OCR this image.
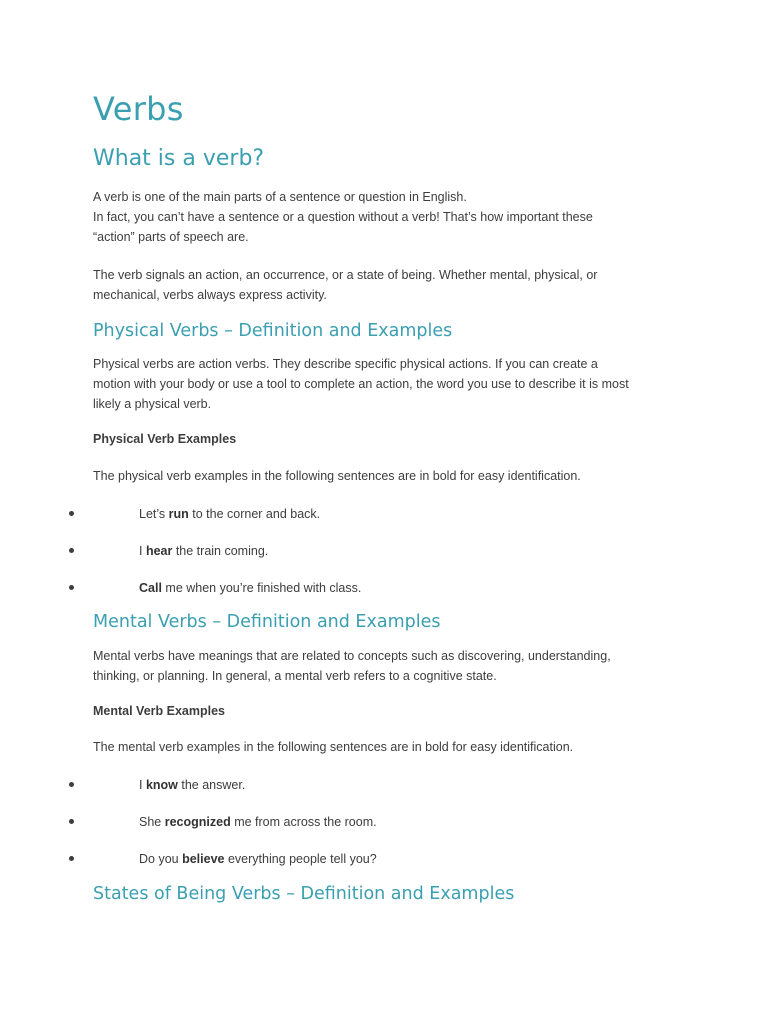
Verbs
What is a verb?

A verb is one of the main parts of a sentence or question in English.
In fact, you can’t have a sentence or a question without a verb! That’s how important these
“action” parts of speech are.

The verb signals an action, an occurrence, or a state of being. Whether mental, physical, or
mechanical, verbs always express activity.

Physical Verbs – Definition and Examples

Physical verbs are action verbs. They describe specific physical actions. If you can create a
motion with your body or use a tool to complete an action, the word you use to describe it is most
likely a physical verb.

Physical Verb Examples
The physical verb examples in the following sentences are in bold for easy identification.
Let’s run to the corner and back.
I hear the train coming.
Call me when you’re finished with class.
Mental Verbs – Definition and Examples

Mental verbs have meanings that are related to concepts such as discovering, understanding,
thinking, or planning. In general, a mental verb refers to a cognitive state.

Mental Verb Examples
The mental verb examples in the following sentences are in bold for easy identification.
I know the answer.
She recognized me from across the room.
Do you believe everything people tell you?
States of Being Verbs – Definition and Examples
